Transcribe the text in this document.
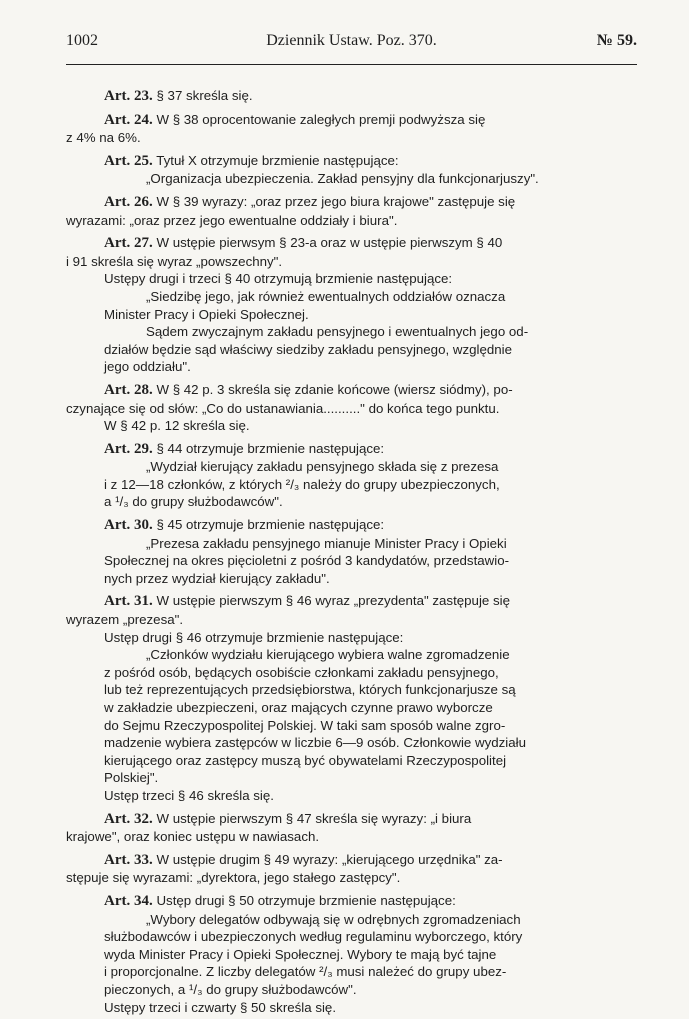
1002	Dziennik Ustaw. Poz. 370.	№ 59.
Art. 23. § 37 skreśla się.
Art. 24. W § 38 oprocentowanie zaległych premji podwyższa się
z 4% na 6%.
Art. 25. Tytuł X otrzymuje brzmienie następujące:
„Organizacja ubezpieczenia. Zakład pensyjny dla funkcjonarjuszy".
Art. 26. W § 39 wyrazy: „oraz przez jego biura krajowe" zastępuje się
wyrazami: „oraz przez jego ewentualne oddziały i biura".
Art. 27. W ustępie pierwsym § 23-a oraz w ustępie pierwszym § 40
i 91 skreśla się wyraz „powszechny".
Ustępy drugi i trzeci § 40 otrzymują brzmienie następujące:
„Siedzibę jego, jak również ewentualnych oddziałów oznacza
Minister Pracy i Opieki Społecznej.
Sądem zwyczajnym zakładu pensyjnego i ewentualnych jego od-
działów będzie sąd właściwy siedziby zakładu pensyjnego, względnie
jego oddziału".
Art. 28. W § 42 p. 3 skreśla się zdanie końcowe (wiersz siódmy), po-
czynające się od słów: „Co do ustanawiania.........." do końca tego punktu.
W § 42 p. 12 skreśla się.
Art. 29. § 44 otrzymuje brzmienie następujące:
„Wydział kierujący zakładu pensyjnego składa się z prezesa
i z 12—18 członków, z których ²/₃ należy do grupy ubezpieczonych,
a ¹/₃ do grupy służbodawców".
Art. 30. § 45 otrzymuje brzmienie następujące:
„Prezesa zakładu pensyjnego mianuje Minister Pracy i Opieki
Społecznej na okres pięcioletni z pośród 3 kandydatów, przedstawio-
nych przez wydział kierujący zakładu".
Art. 31. W ustępie pierwszym § 46 wyraz „prezydenta" zastępuje się
wyrazem „prezesa".
Ustęp drugi § 46 otrzymuje brzmienie następujące:
„Członków wydziału kierującego wybiera walne zgromadzenie
z pośród osób, będących osobiście członkami zakładu pensyjnego,
lub też reprezentujących przedsiębiorstwa, których funkcjonarjusze są
w zakładzie ubezpieczeni, oraz mających czynne prawo wyborcze
do Sejmu Rzeczypospolitej Polskiej. W taki sam sposób walne zgro-
madzenie wybiera zastępców w liczbie 6—9 osób. Członkowie wydziału
kierującego oraz zastępcy muszą być obywatelami Rzeczypospolitej
Polskiej".
Ustęp trzeci § 46 skreśla się.
Art. 32. W ustępie pierwszym § 47 skreśla się wyrazy: „i biura
krajowe", oraz koniec ustępu w nawiasach.
Art. 33. W ustępie drugim § 49 wyrazy: „kierującego urzędnika" za-
stępuje się wyrazami: „dyrektora, jego stałego zastępcy".
Art. 34. Ustęp drugi § 50 otrzymuje brzmienie następujące:
„Wybory delegatów odbywają się w odrębnych zgromadzeniach
służbodawców i ubezpieczonych według regulaminu wyborczego, który
wyda Minister Pracy i Opieki Społecznej. Wybory te mają być tajne
i proporcjonalne. Z liczby delegatów ²/₃ musi należeć do grupy ubez-
pieczonych, a ¹/₃ do grupy służbodawców".
Ustępy trzeci i czwarty § 50 skreśla się.
